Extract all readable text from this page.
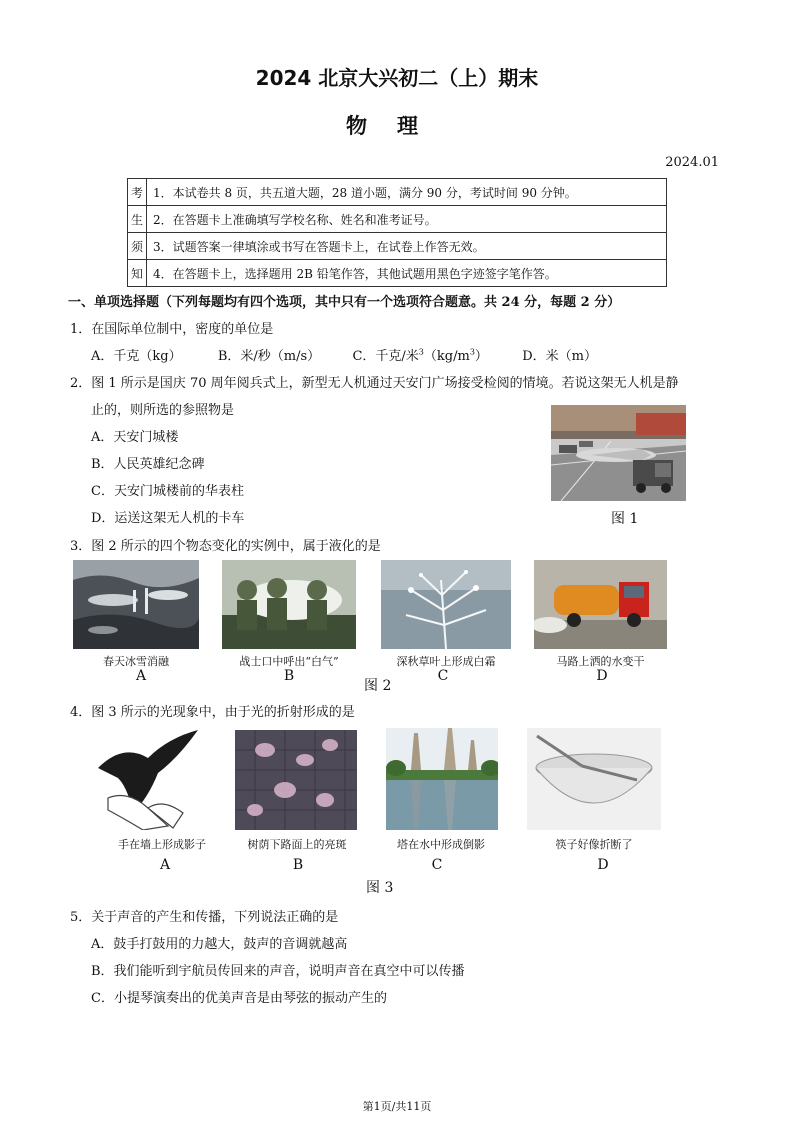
2024 北京大兴初二（上）期末
物理
2024.01
考	1．本试卷共 8 页，共五道大题，28 道小题，满分 90 分，考试时间 90 分钟。
生	2．在答题卡上准确填写学校名称、姓名和准考证号。
须	3．试题答案一律填涂或书写在答题卡上，在试卷上作答无效。
知	4．在答题卡上，选择题用 2B 铅笔作答，其他试题用黑色字迹签字笔作答。
一、单项选择题（下列每题均有四个选项，其中只有一个选项符合题意。共 24 分，每题 2 分）
1．在国际单位制中，密度的单位是
A．千克（kg）	B．米/秒（m/s） C．千克/米$^3(kg/m^3)$	D．米（m）
2．图 1 所示是国庆 70 周年阅兵式上，新型无人机通过天安门广场接受检阅的情境。若说这架无人机是静
止的，则所选的参照物是
A．天安门城楼
B．人民英雄纪念碑
C．天安门城楼前的华表柱
D．运送这架无人机的卡车	图 1
3．图 2 所示的四个物态变化的实例中，属于液化的是
春天冰雪消融	战士口中呼出“白气”	深秋草叶上形成白霜	马路上洒的水变干
A	B	C	D
图 2
4．图 3 所示的光现象中，由于光的折射形成的是
手在墙上形成影子	树荫下路面上的亮斑	塔在水中形成倒影	筷子好像折断了
A	B	C	D
图 3
5．关于声音的产生和传播，下列说法正确的是
A．鼓手打鼓用的力越大，鼓声的音调就越高
B．我们能听到宇航员传回来的声音，说明声音在真空中可以传播
C．小提琴演奏出的优美声音是由琴弦的振动产生的
第1页/共11页
